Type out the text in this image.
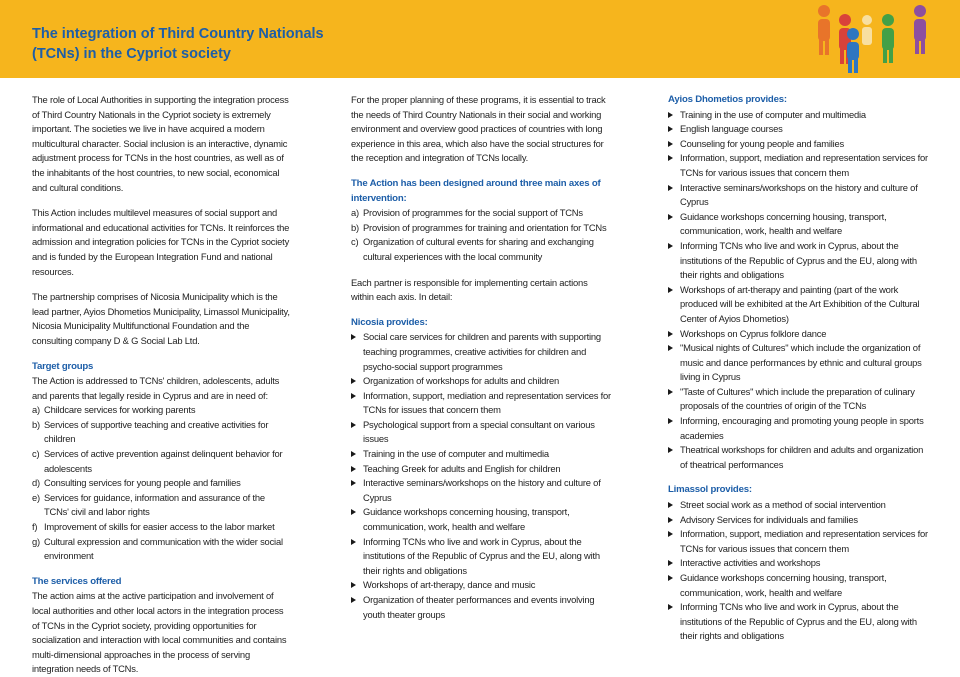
The integration of Third Country Nationals
(TCNs) in the Cypriot society

The role of Local Authorities in supporting the integration process of Third Country Nationals in the Cypriot society is extremely important. The societies we live in have acquired a modern multicultural character. Social inclusion is an interactive, dynamic adjustment process for TCNs in the host countries, as well as of the inhabitants of the host countries, to new social, economical and cultural conditions.

This Action includes multilevel measures of social support and informational and educational activities for TCNs. It reinforces the admission and integration policies for TCNs in the Cypriot society and is funded by the European Integration Fund and national resources.

The partnership comprises of Nicosia Municipality which is the lead partner, Ayios Dhometios Municipality, Limassol Municipality, Nicosia Municipality Multifunctional Foundation and the consulting company D & G Social Lab Ltd.

Target groups
The Action is addressed to TCNs' children, adolescents, adults and parents that legally reside in Cyprus and are in need of:
a) Childcare services for working parents
b) Services of supportive teaching and creative activities for children
c) Services of active prevention against delinquent behavior for adolescents
d) Consulting services for young people and families
e) Services for guidance, information and assurance of the TCNs' civil and labor rights
f) Improvement of skills for easier access to the labor market
g) Cultural expression and communication with the wider social environment
The services offered
The action aims at the active participation and involvement of local authorities and other local actors in the integration process of TCNs in the Cypriot society, providing opportunities for socialization and interaction with local communities and contains multi-dimensional approaches in the process of serving integration needs of TCNs.

For the proper planning of these programs, it is essential to track the needs of Third Country Nationals in their social and working environment and overview good practices of countries with long experience in this area, which also have the social structures for the reception and integration of TCNs locally.

The Action has been designed around three main axes of intervention:
a) Provision of programmes for the social support of TCNs
b) Provision of programmes for training and orientation for TCNs
c) Organization of cultural events for sharing and exchanging cultural experiences with the local community

Each partner is responsible for implementing certain actions within each axis. In detail:

Nicosia provides:
Social care services for children and parents with supporting teaching programmes, creative activities for children and psycho-social support programmes
Organization of workshops for adults and children
Information, support, mediation and representation services for TCNs for issues that concern them
Psychological support from a special consultant on various issues
Training in the use of computer and multimedia
Teaching Greek for adults and English for children
Interactive seminars/workshops on the history and culture of Cyprus
Guidance workshops concerning housing, transport, communication, work, health and welfare
Informing TCNs who live and work in Cyprus, about the institutions of the Republic of Cyprus and the EU, along with their rights and obligations
Workshops of art-therapy, dance and music
Organization of theater performances and events involving youth theater groups
Ayios Dhometios provides:
Training in the use of computer and multimedia
English language courses
Counseling for young people and families
Information, support, mediation and representation services for TCNs for various issues that concern them
Interactive seminars/workshops on the history and culture of Cyprus
Guidance workshops concerning housing, transport, communication, work, health and welfare
Informing TCNs who live and work in Cyprus, about the institutions of the Republic of Cyprus and the EU, along with their rights and obligations
Workshops of art-therapy and painting (part of the work produced will be exhibited at the Art Exhibition of the Cultural Center of Ayios Dhometios)
Workshops on Cyprus folklore dance
"Musical nights of Cultures" which include the organization of music and dance performances by ethnic and cultural groups living in Cyprus
"Taste of Cultures" which include the preparation of culinary proposals of the countries of origin of the TCNs
Informing, encouraging and promoting young people in sports academies
Theatrical workshops for children and adults and organization of theatrical performances
Limassol provides:
Street social work as a method of social intervention
Advisory Services for individuals and families
Information, support, mediation and representation services for TCNs for various issues that concern them
Interactive activities and workshops
Guidance workshops concerning housing, transport, communication, work, health and welfare
Informing TCNs who live and work in Cyprus, about the institutions of the Republic of Cyprus and the EU, along with their rights and obligations
